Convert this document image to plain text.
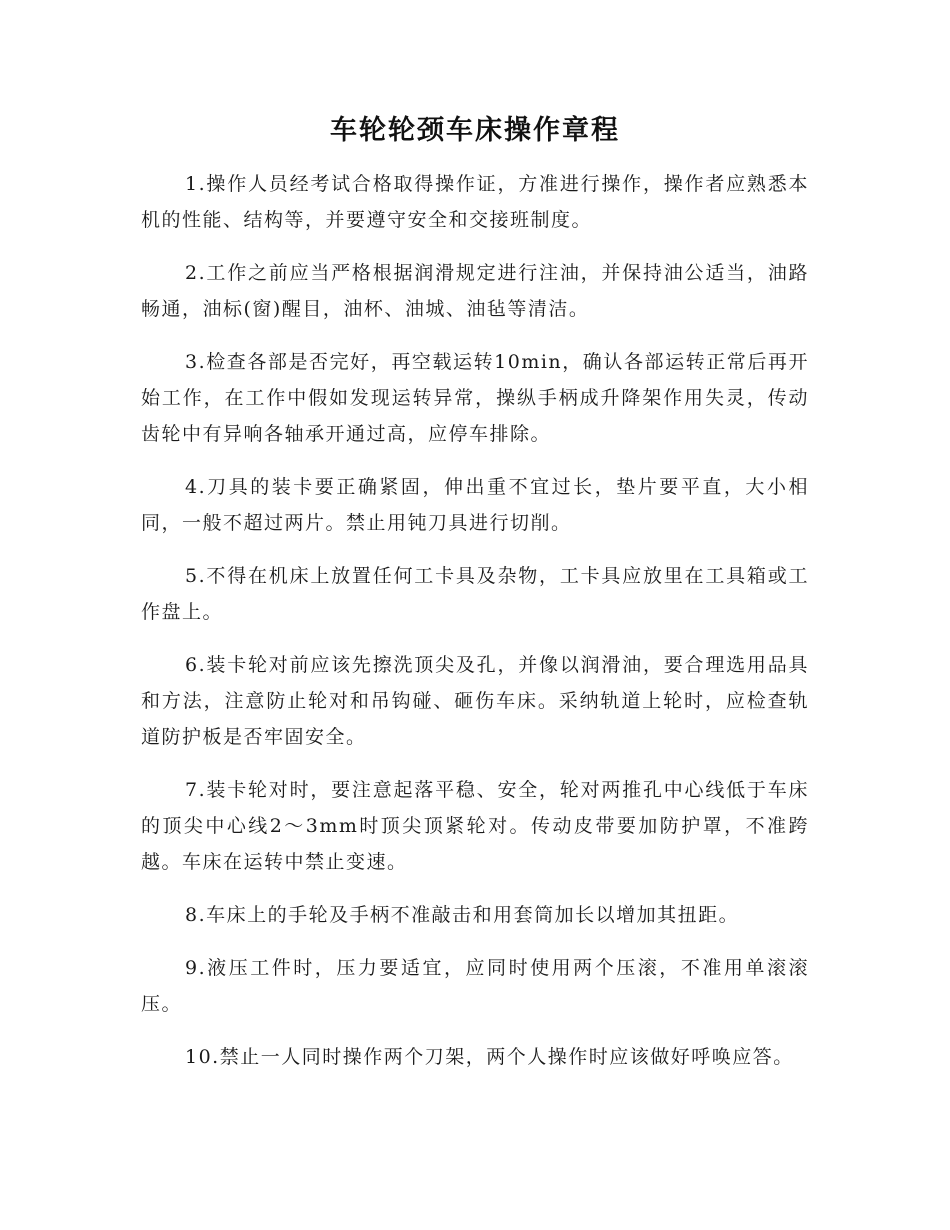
车轮轮颈车床操作章程

1.操作人员经考试合格取得操作证，方准进行操作，操作者应熟悉本机的性能、结构等，并要遵守安全和交接班制度。

2.工作之前应当严格根据润滑规定进行注油，并保持油公适当，油路畅通，油标(窗)醒目，油杯、油城、油毡等清洁。

3.检查各部是否完好，再空载运转10min，确认各部运转正常后再开始工作，在工作中假如发现运转异常，操纵手柄成升降架作用失灵，传动齿轮中有异响各轴承开通过高，应停车排除。

4.刀具的装卡要正确紧固，伸出重不宜过长，垫片要平直，大小相同，一般不超过两片。禁止用钝刀具进行切削。

5.不得在机床上放置任何工卡具及杂物，工卡具应放里在工具箱或工作盘上。

6.装卡轮对前应该先擦洗顶尖及孔，并像以润滑油，要合理选用品具和方法，注意防止轮对和吊钩碰、砸伤车床。采纳轨道上轮时，应检查轨道防护板是否牢固安全。

7.装卡轮对时，要注意起落平稳、安全，轮对两推孔中心线低于车床的顶尖中心线2～3mm时顶尖顶紧轮对。传动皮带要加防护罩，不准跨越。车床在运转中禁止变速。

8.车床上的手轮及手柄不准敲击和用套筒加长以增加其扭距。

9.液压工件时，压力要适宜，应同时使用两个压滚，不准用单滚滚压。

10.禁止一人同时操作两个刀架，两个人操作时应该做好呼唤应答。
